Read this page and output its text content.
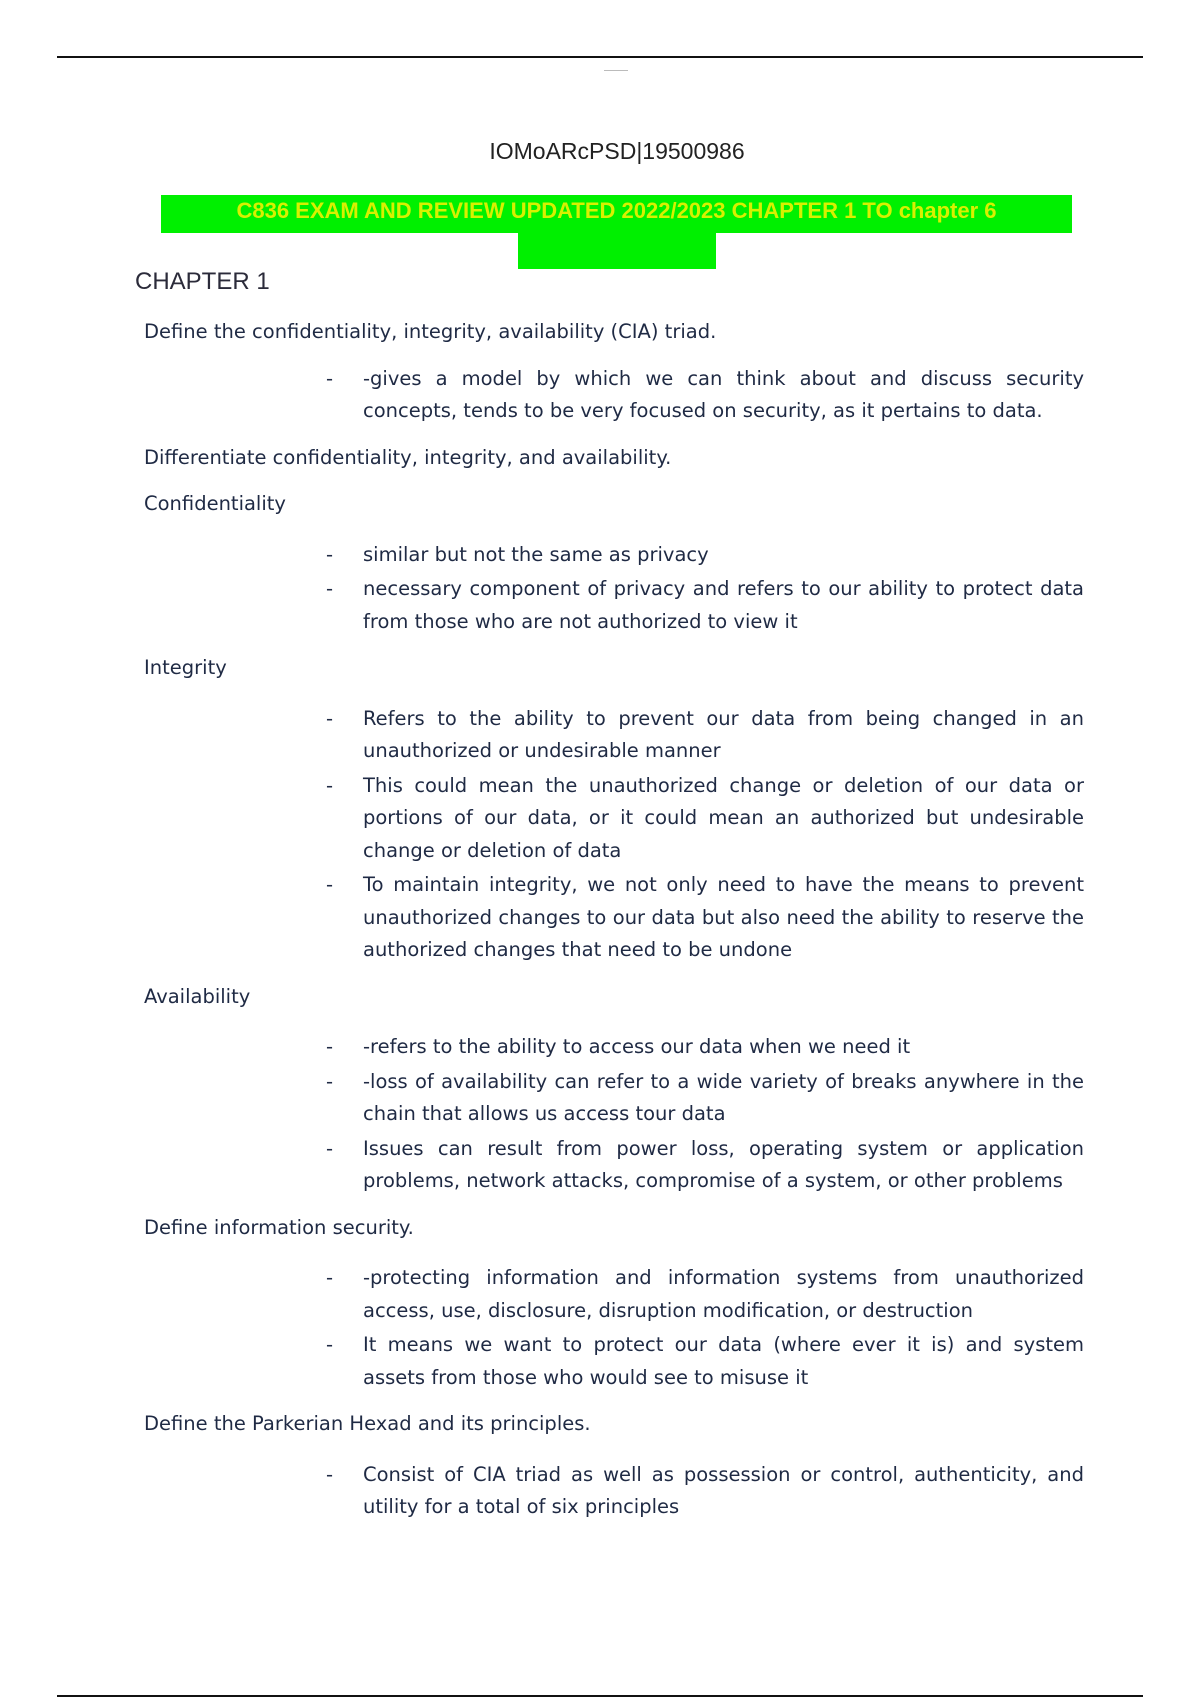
IOMoARcPSD|19500986
C836 EXAM AND REVIEW UPDATED 2022/2023 CHAPTER 1 TO chapter 6
CHAPTER 1

Define the confidentiality, integrity, availability (CIA) triad.

- -gives a model by which we can think about and discuss security concepts, tends to be very focused on security, as it pertains to data.

Differentiate confidentiality, integrity, and availability.

Confidentiality

- similar but not the same as privacy
- necessary component of privacy and refers to our ability to protect data from those who are not authorized to view it

Integrity

- Refers to the ability to prevent our data from being changed in an unauthorized or undesirable manner
- This could mean the unauthorized change or deletion of our data or portions of our data, or it could mean an authorized but undesirable change or deletion of data
- To maintain integrity, we not only need to have the means to prevent unauthorized changes to our data but also need the ability to reserve the authorized changes that need to be undone

Availability

- -refers to the ability to access our data when we need it
- -loss of availability can refer to a wide variety of breaks anywhere in the chain that allows us access tour data
- Issues can result from power loss, operating system or application problems, network attacks, compromise of a system, or other problems

Define information security.

- -protecting information and information systems from unauthorized access, use, disclosure, disruption modification, or destruction
- It means we want to protect our data (where ever it is) and system assets from those who would see to misuse it

Define the Parkerian Hexad and its principles.

- Consist of CIA triad as well as possession or control, authenticity, and utility for a total of six principles
